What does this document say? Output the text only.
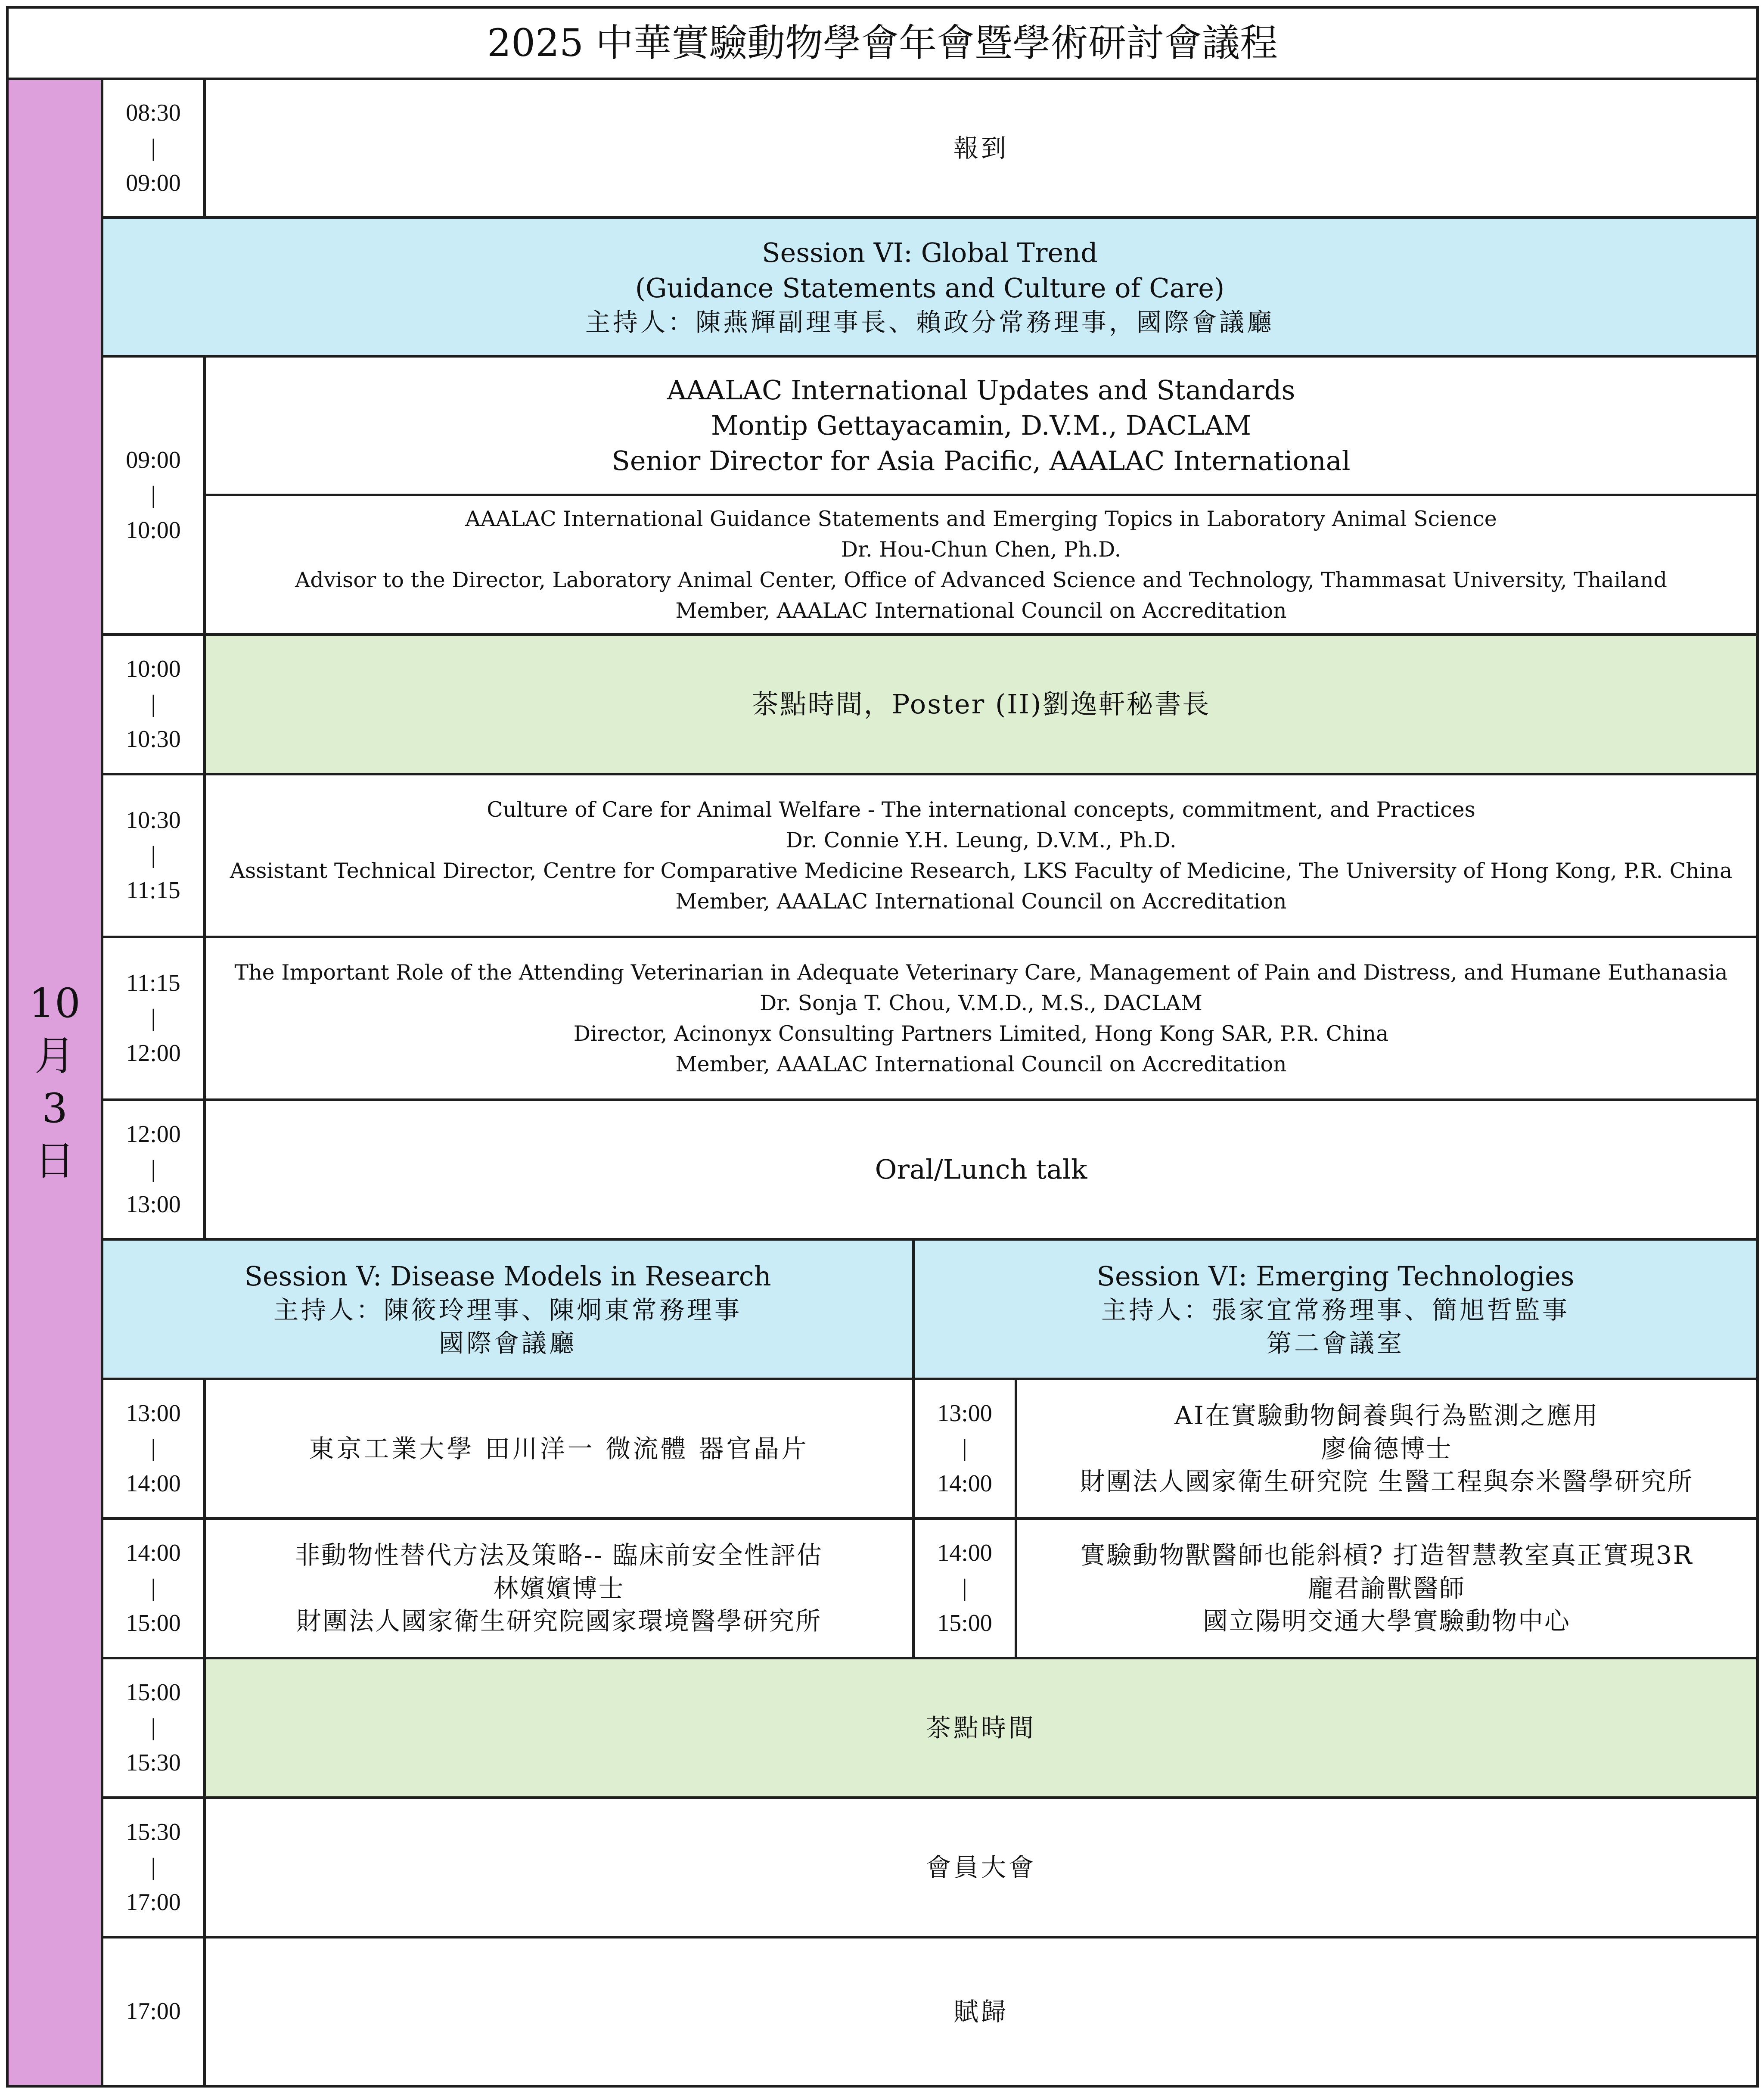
2025 中華實驗動物學會年會暨學術研討會議程
10
月
3
日
08:30
|
09:00
報到
Session VI: Global Trend
(Guidance Statements and Culture of Care)
主持人：陳燕輝副理事長、賴政分常務理事，國際會議廳
09:00
|
10:00
AAALAC International Updates and Standards
Montip Gettayacamin, D.V.M., DACLAM
Senior Director for Asia Pacific, AAALAC International
AAALAC International Guidance Statements and Emerging Topics in Laboratory Animal Science
Dr. Hou-Chun Chen, Ph.D.
Advisor to the Director, Laboratory Animal Center, Office of Advanced Science and Technology, Thammasat University, Thailand
Member, AAALAC International Council on Accreditation
10:00
|
10:30
茶點時間，Poster (II)劉逸軒秘書長
10:30
|
11:15
Culture of Care for Animal Welfare - The international concepts, commitment, and Practices
Dr. Connie Y.H. Leung, D.V.M., Ph.D.
Assistant Technical Director, Centre for Comparative Medicine Research, LKS Faculty of Medicine, The University of Hong Kong, P.R. China
Member, AAALAC International Council on Accreditation
11:15
|
12:00
The Important Role of the Attending Veterinarian in Adequate Veterinary Care, Management of Pain and Distress, and Humane Euthanasia
Dr. Sonja T. Chou, V.M.D., M.S., DACLAM
Director, Acinonyx Consulting Partners Limited, Hong Kong SAR, P.R. China
Member, AAALAC International Council on Accreditation
12:00
|
13:00
Oral/Lunch talk
Session V: Disease Models in Research
主持人：陳筱玲理事、陳炯東常務理事
國際會議廳
Session VI: Emerging Technologies
主持人：張家宜常務理事、簡旭哲監事
第二會議室
13:00
|
14:00
東京工業大學 田川洋一 微流體 器官晶片
13:00
|
14:00
AI在實驗動物飼養與行為監測之應用
廖倫德博士
財團法人國家衛生研究院 生醫工程與奈米醫學研究所
14:00
|
15:00
非動物性替代方法及策略-- 臨床前安全性評估
林嬪嬪博士
財團法人國家衛生研究院國家環境醫學研究所
14:00
|
15:00
實驗動物獸醫師也能斜槓? 打造智慧教室真正實現3R
龐君諭獸醫師
國立陽明交通大學實驗動物中心
15:00
|
15:30
茶點時間
15:30
|
17:00
會員大會
17:00	賦歸
